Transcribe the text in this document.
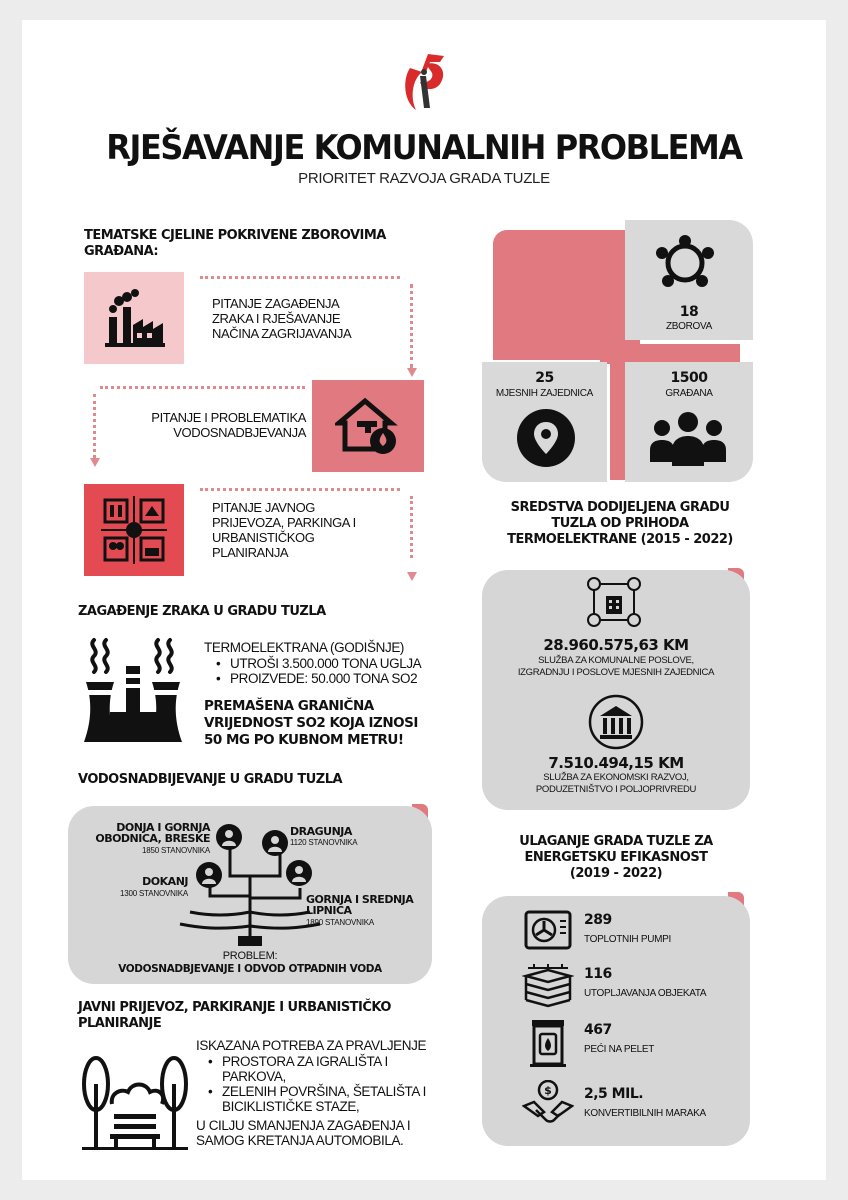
RJEŠAVANJE KOMUNALNIH PROBLEMA
PRIORITET RAZVOJA GRADA TUZLE
TEMATSKE CJELINE POKRIVENE ZBOROVIMA GRAĐANA:
PITANJE ZAGAĐENJA ZRAKA I RJEŠAVANJE NAČINA ZAGRIJAVANJA
PITANJE I PROBLEMATIKA VODOSNADBJEVANJA
PITANJE JAVNOG PRIJEVOZA, PARKINGA I URBANISTIČKOG PLANIRANJA
18
ZBOROVA
25
MJESNIH ZAJEDNICA
1500
GRAĐANA
ZAGAĐENJE ZRAKA U GRADU TUZLA
TERMOELEKTRANA (GODIŠNJE)
• UTROŠI 3.500.000 TONA UGLJA
• PROIZVEDE: 50.000 TONA SO2
PREMAŠENA GRANIČNA VRIJEDNOST SO2 KOJA IZNOSI 50 MG PO KUBNOM METRU!
SREDSTVA DODIJELJENA GRADU TUZLA OD PRIHODA TERMOELEKTRANE (2015 - 2022)
28.960.575,63 KM
SLUŽBA ZA KOMUNALNE POSLOVE, IZGRADNJU I POSLOVE MJESNIH ZAJEDNICA
7.510.494,15 KM
SLUŽBA ZA EKONOMSKI RAZVOJ, PODUZETNIŠTVO I POLJOPRIVREDU
VODOSNADBIJEVANJE U GRADU TUZLA
DONJA I GORNJA OBODNICA, BRESKE
1850 STANOVNIKA
DRAGUNJA
1120 STANOVNIKA
DOKANJ
1300 STANOVNIKA	GORNJA I SREDNJA LIPNICA
1890 STANOVNIKA
PROBLEM:
VODOSNADBJEVANJE I ODVOD OTPADNIH VODA
ULAGANJE GRADA TUZLE ZA ENERGETSKU EFIKASNOST (2019 - 2022)
289
TOPLOTNIH PUMPI
116
UTOPLJAVANJA OBJEKATA
467
PEĆI NA PELET
$ 2,5 MIL.
KONVERTIBILNIH MARAKA
JAVNI PRIJEVOZ, PARKIRANJE I URBANISTIČKO PLANIRANJE
ISKAZANA POTREBA ZA PRAVLJENJE
• PROSTORA ZA IGRALIŠTA I PARKOVA,
• ZELENIH POVRŠINA, ŠETALIŠTA I BICIKLISTIČKE STAZE,
U CILJU SMANJENJA ZAGAĐENJA I SAMOG KRETANJA AUTOMOBILA.
